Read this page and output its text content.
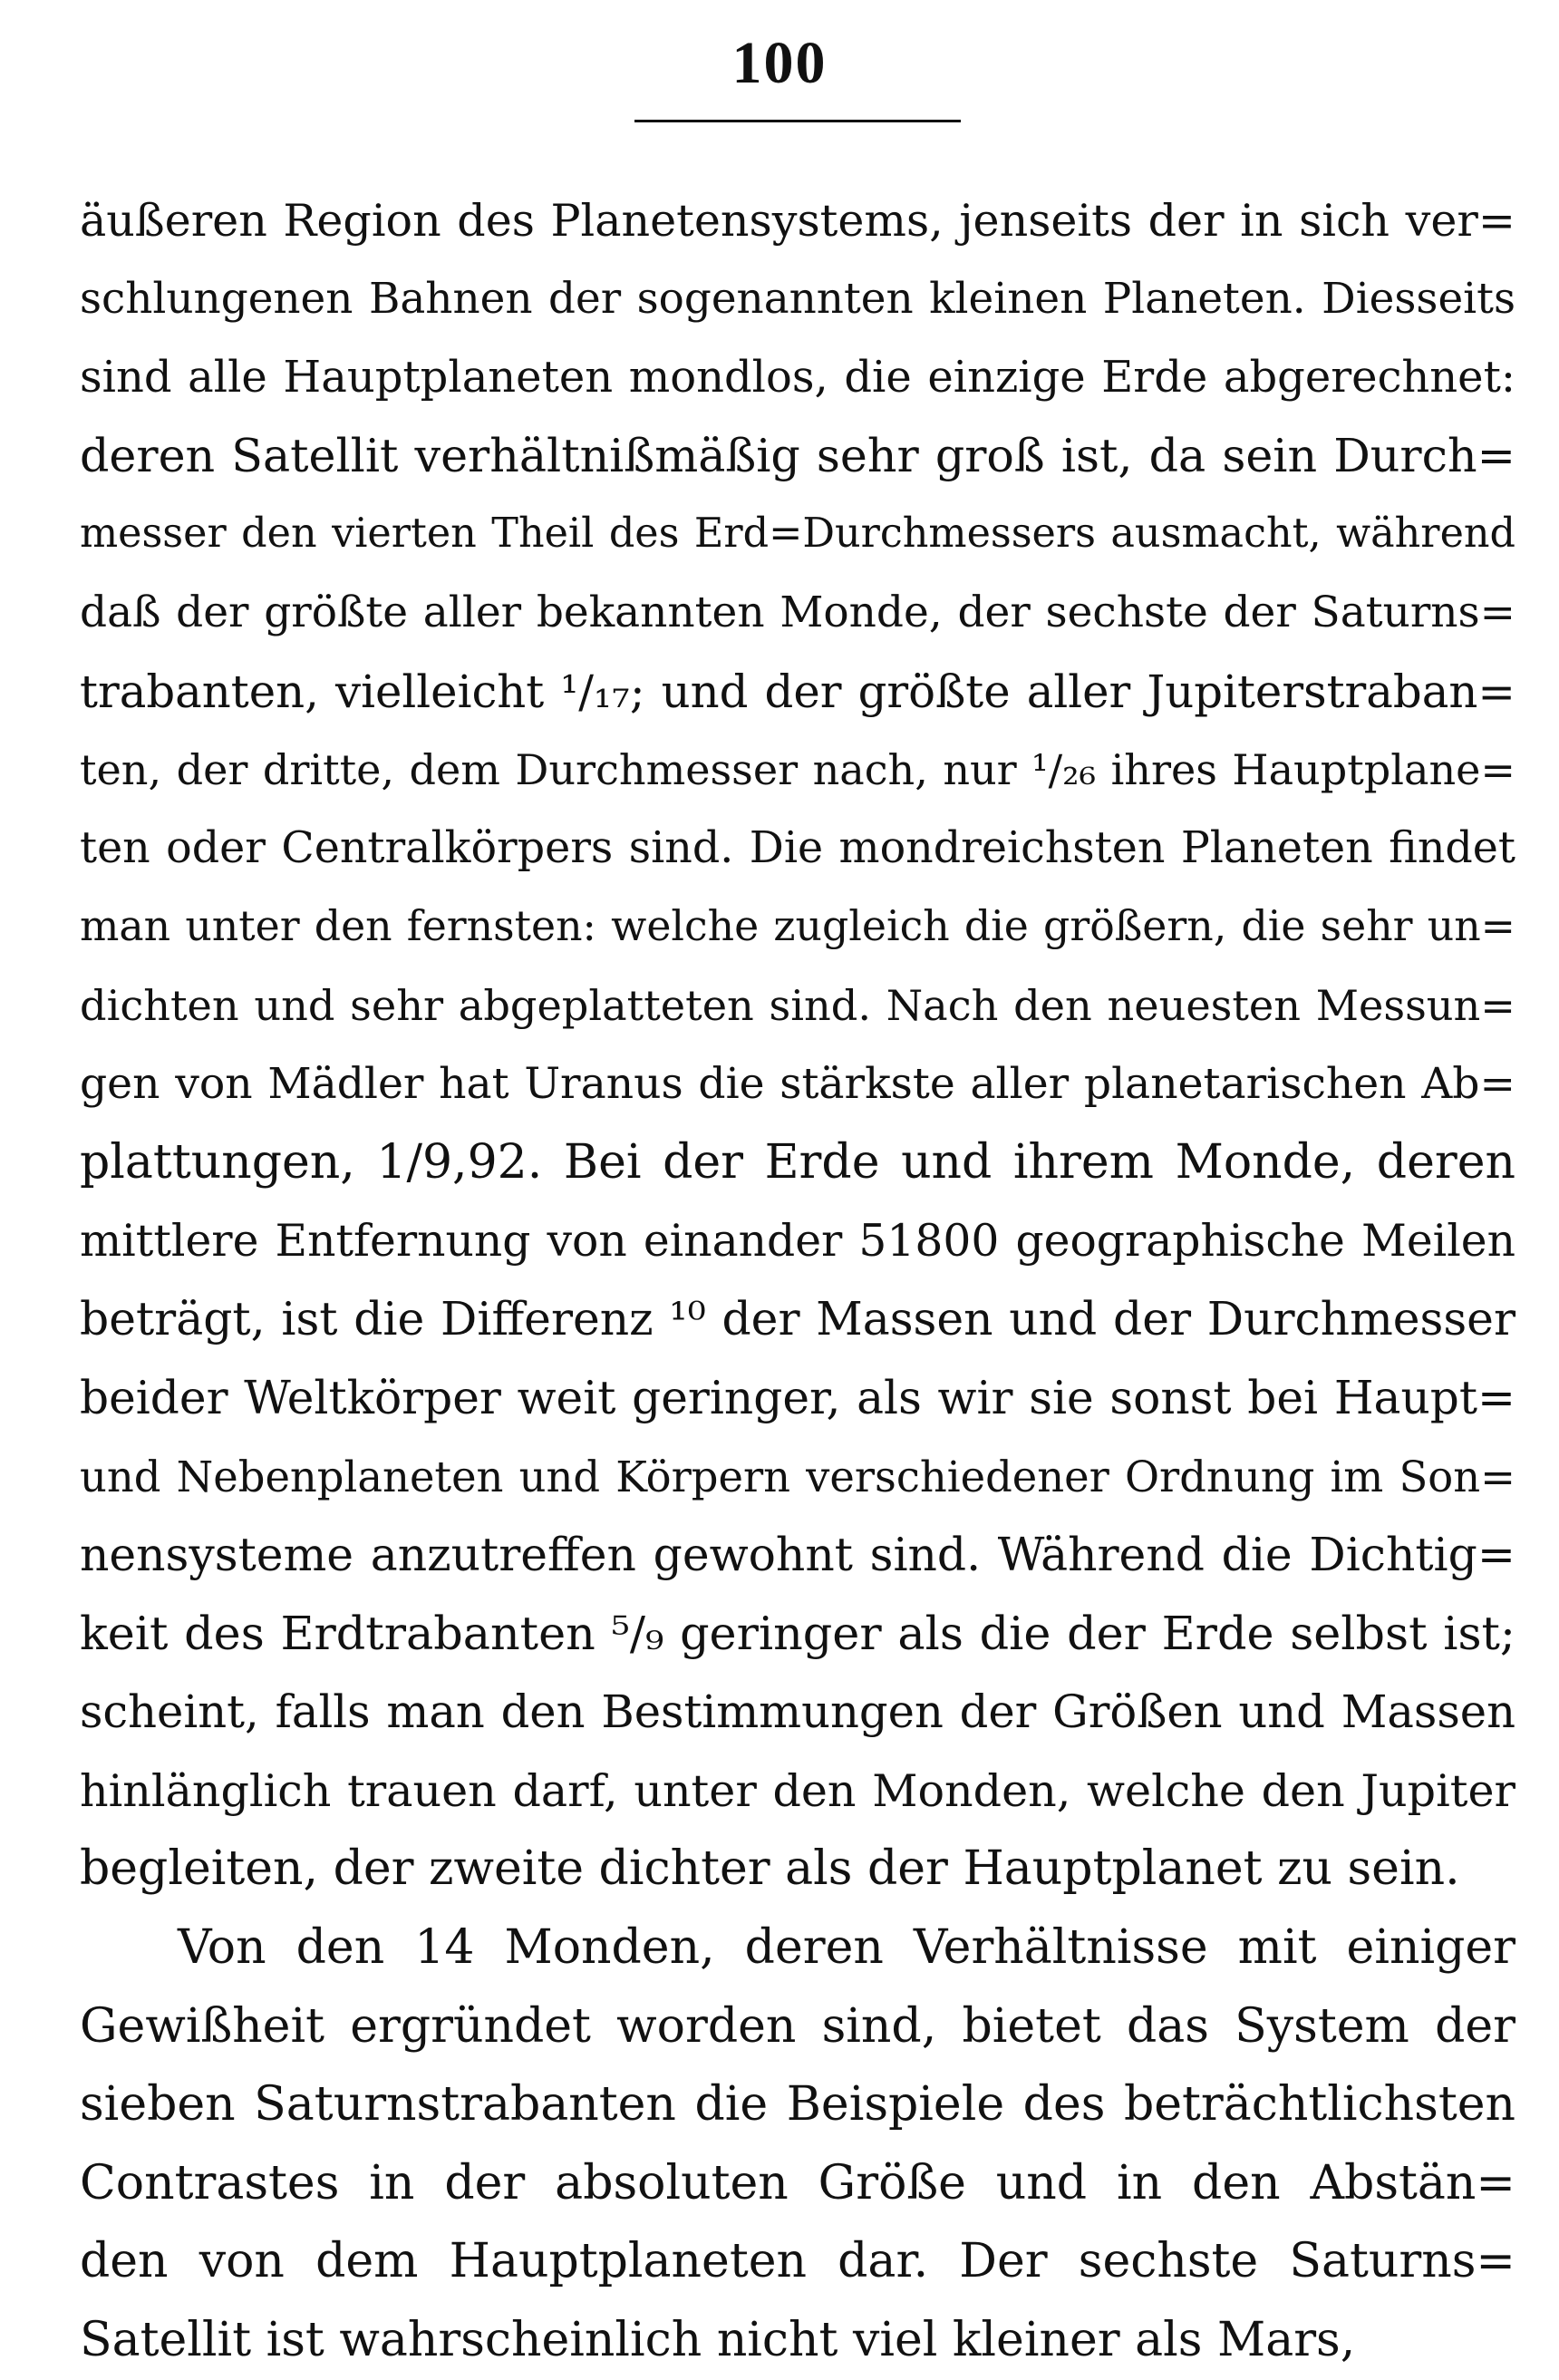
100
äußeren Region des Planetensystems, jenseits der in sich ver=
schlungenen Bahnen der sogenannten kleinen Planeten. Diesseits
sind alle Hauptplaneten mondlos, die einzige Erde abgerechnet:
deren Satellit verhältnißmäßig sehr groß ist, da sein Durch=
messer den vierten Theil des Erd=Durchmessers ausmacht, während
daß der größte aller bekannten Monde, der sechste der Saturns=
trabanten, vielleicht ¹/₁₇; und der größte aller Jupiterstraban=
ten, der dritte, dem Durchmesser nach, nur ¹/₂₆ ihres Hauptplane=
ten oder Centralkörpers sind. Die mondreichsten Planeten findet
man unter den fernsten: welche zugleich die größern, die sehr un=
dichten und sehr abgeplatteten sind. Nach den neuesten Messun=
gen von Mädler hat Uranus die stärkste aller planetarischen Ab=
plattungen, 1/9,92. Bei der Erde und ihrem Monde, deren
mittlere Entfernung von einander 51800 geographische Meilen
beträgt, ist die Differenz ¹⁰ der Massen und der Durchmesser
beider Weltkörper weit geringer, als wir sie sonst bei Haupt=
und Nebenplaneten und Körpern verschiedener Ordnung im Son=
nensysteme anzutreffen gewohnt sind. Während die Dichtig=
keit des Erdtrabanten ⁵/₉ geringer als die der Erde selbst ist;
scheint, falls man den Bestimmungen der Größen und Massen
hinlänglich trauen darf, unter den Monden, welche den Jupiter
begleiten, der zweite dichter als der Hauptplanet zu sein.
Von den 14 Monden, deren Verhältnisse mit einiger
Gewißheit ergründet worden sind, bietet das System der
sieben Saturnstrabanten die Beispiele des beträchtlichsten
Contrastes in der absoluten Größe und in den Abstän=
den von dem Hauptplaneten dar. Der sechste Saturns=
Satellit ist wahrscheinlich nicht viel kleiner als Mars,
